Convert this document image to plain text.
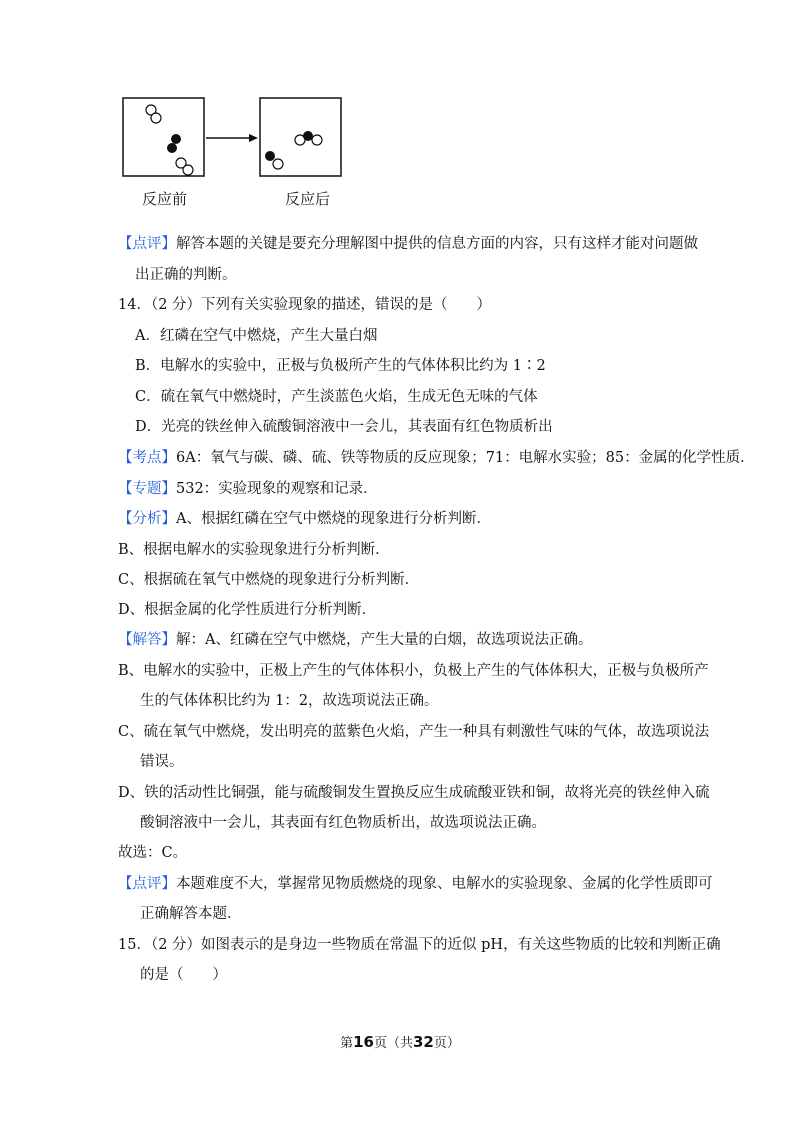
反应前	反应后
【点评】解答本题的关键是要充分理解图中提供的信息方面的内容，只有这样才能对问题做
出正确的判断。
14．（2 分）下列有关实验现象的描述，错误的是（　　）
A．红磷在空气中燃烧，产生大量白烟
B．电解水的实验中，正极与负极所产生的气体体积比约为 1∶2
C．硫在氧气中燃烧时，产生淡蓝色火焰，生成无色无味的气体
D．光亮的铁丝伸入硫酸铜溶液中一会儿，其表面有红色物质析出
【考点】6A：氧气与碳、磷、硫、铁等物质的反应现象；71：电解水实验；85：金属的化学性质．
【专题】532：实验现象的观察和记录．
【分析】A、根据红磷在空气中燃烧的现象进行分析判断．
B、根据电解水的实验现象进行分析判断．
C、根据硫在氧气中燃烧的现象进行分析判断．
D、根据金属的化学性质进行分析判断．
【解答】解：A、红磷在空气中燃烧，产生大量的白烟，故选项说法正确。
B、电解水的实验中，正极上产生的气体体积小，负极上产生的气体体积大，正极与负极所产
生的气体体积比约为 1：2，故选项说法正确。
C、硫在氧气中燃烧，发出明亮的蓝紫色火焰，产生一种具有刺激性气味的气体，故选项说法
错误。
D、铁的活动性比铜强，能与硫酸铜发生置换反应生成硫酸亚铁和铜，故将光亮的铁丝伸入硫
酸铜溶液中一会儿，其表面有红色物质析出，故选项说法正确。
故选：C。
【点评】本题难度不大，掌握常见物质燃烧的现象、电解水的实验现象、金属的化学性质即可
正确解答本题．
15．（2 分）如图表示的是身边一些物质在常温下的近似 pH，有关这些物质的比较和判断正确
的是（　　）
第16页（共32页）
